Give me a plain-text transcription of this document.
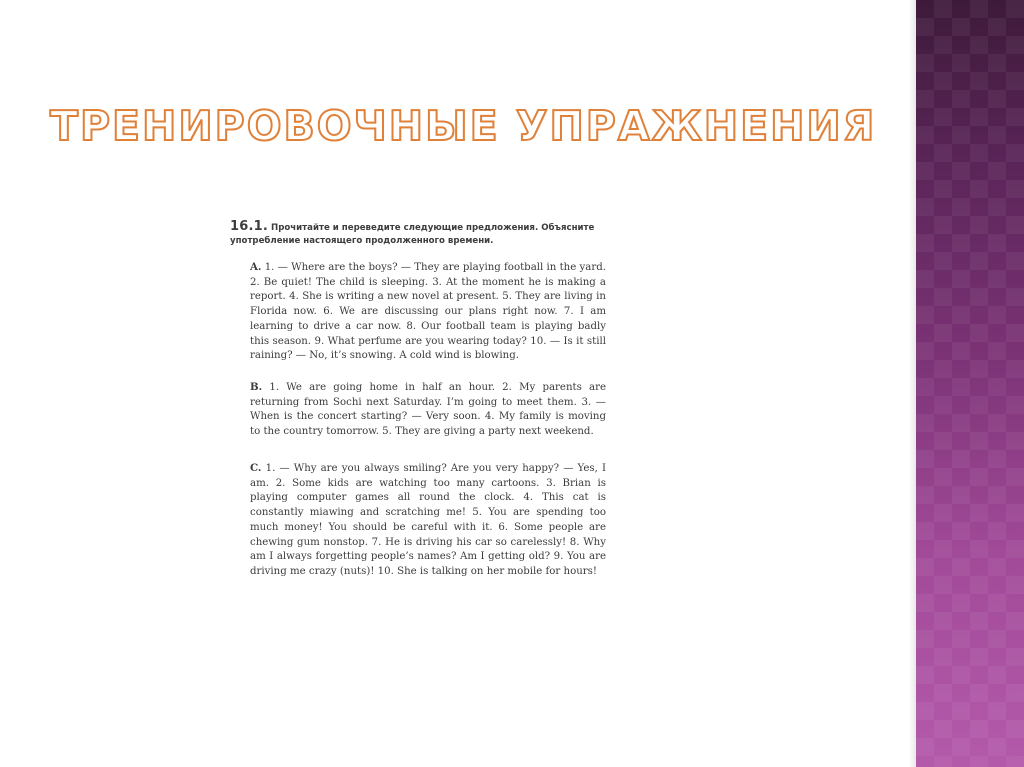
ТРЕНИРОВОЧНЫЕ УПРАЖНЕНИЯ
16.1. Прочитайте и переведите следующие предложения. Объясните употребление настоящего продолженного времени.

A. 1. — Where are the boys? — They are playing football in the yard. 2. Be quiet! The child is sleeping. 3. At the moment he is making a report. 4. She is writing a new novel at present. 5. They are living in Florida now. 6. We are discussing our plans right now. 7. I am learning to drive a car now. 8. Our football team is playing badly this season. 9. What perfume are you wearing today? 10. — Is it still raining? — No, it’s snowing. A cold wind is blowing.

B. 1. We are going home in half an hour. 2. My parents are returning from Sochi next Saturday. I’m going to meet them. 3. — When is the concert starting? — Very soon. 4. My family is moving to the country tomorrow. 5. They are giving a party next weekend.

C. 1. — Why are you always smiling? Are you very happy? — Yes, I am. 2. Some kids are watching too many cartoons. 3. Brian is playing computer games all round the clock. 4. This cat is constantly miawing and scratching me! 5. You are spending too much money! You should be careful with it. 6. Some people are chewing gum nonstop. 7. He is driving his car so carelessly! 8. Why am I always forgetting people’s names? Am I getting old? 9. You are driving me crazy (nuts)! 10. She is talking on her mobile for hours!
